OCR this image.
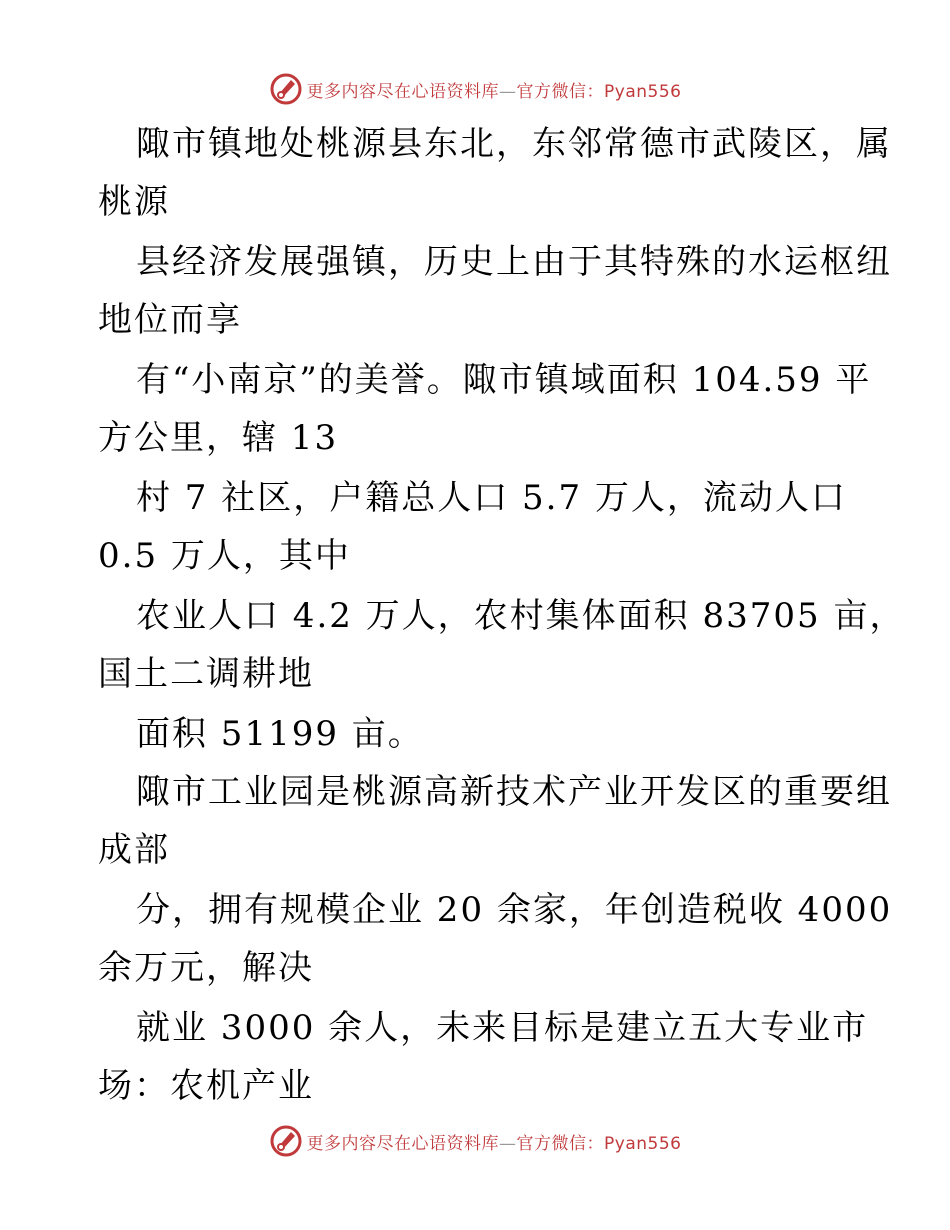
更多内容尽在心语资料库—官方微信：Pyan556
陬市镇地处桃源县东北，东邻常德市武陵区，属
桃源
县经济发展强镇，历史上由于其特殊的水运枢纽
地位而享
有“小南京”的美誉。陬市镇域面积 104.59 平
方公里，辖 13
村 7 社区，户籍总人口 5.7 万人，流动人口
0.5 万人，其中
农业人口 4.2 万人，农村集体面积 83705 亩，
国土二调耕地
面积 51199 亩。
陬市工业园是桃源高新技术产业开发区的重要组
成部
分，拥有规模企业 20 余家，年创造税收 4000
余万元，解决
就业 3000 余人，未来目标是建立五大专业市
场：农机产业
更多内容尽在心语资料库—官方微信：Pyan556
